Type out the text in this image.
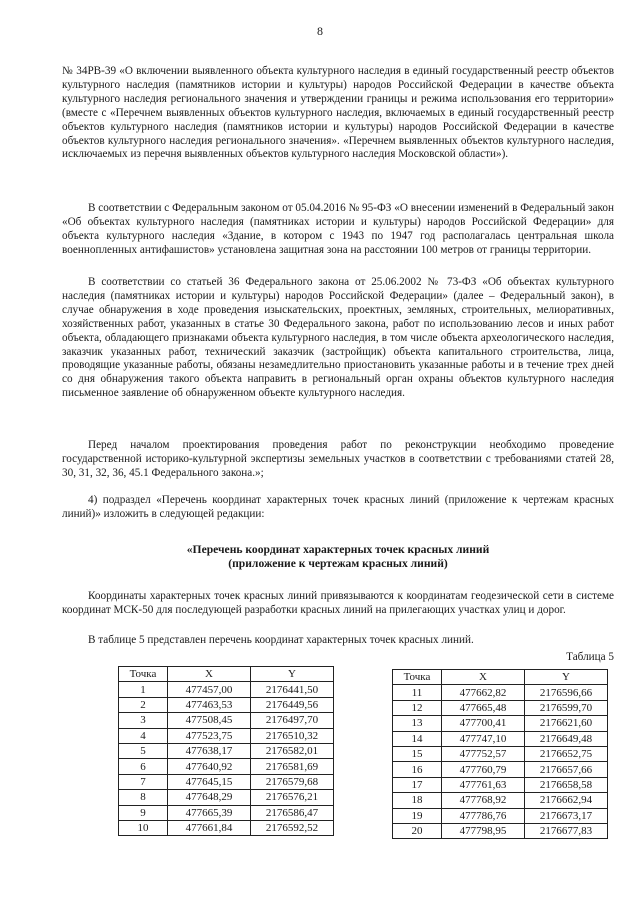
8

№ 34РВ-39 «О включении выявленного объекта культурного наследия в единый государственный реестр объектов культурного наследия (памятников истории и культуры) народов Российской Федерации в качестве объекта культурного наследия регионального значения и утверждении границы и режима использования его территории» (вместе с «Перечнем выявленных объектов культурного наследия, включаемых в единый государственный реестр объектов культурного наследия (памятников истории и культуры) народов Российской Федерации в качестве объектов культурного наследия регионального значения». «Перечнем выявленных объектов культурного наследия, исключаемых из перечня выявленных объектов культурного наследия Московской области»).

В соответствии с Федеральным законом от 05.04.2016 № 95-ФЗ «О внесении изменений в Федеральный закон «Об объектах культурного наследия (памятниках истории и культуры) народов Российской Федерации» для объекта культурного наследия «Здание, в котором с 1943 по 1947 год располагалась центральная школа военнопленных антифашистов» установлена защитная зона на расстоянии 100 метров от границы территории.

В соответствии со статьей 36 Федерального закона от 25.06.2002 № 73-ФЗ «Об объектах культурного наследия (памятниках истории и культуры) народов Российской Федерации» (далее – Федеральный закон), в случае обнаружения в ходе проведения изыскательских, проектных, земляных, строительных, мелиоративных, хозяйственных работ, указанных в статье 30 Федерального закона, работ по использованию лесов и иных работ объекта, обладающего признаками объекта культурного наследия, в том числе объекта археологического наследия, заказчик указанных работ, технический заказчик (застройщик) объекта капитального строительства, лица, проводящие указанные работы, обязаны незамедлительно приостановить указанные работы и в течение трех дней со дня обнаружения такого объекта направить в региональный орган охраны объектов культурного наследия письменное заявление об обнаруженном объекте культурного наследия.

Перед началом проектирования проведения работ по реконструкции необходимо проведение государственной историко-культурной экспертизы земельных участков в соответствии с требованиями статей 28, 30, 31, 32, 36, 45.1 Федерального закона.»;

4) подраздел «Перечень координат характерных точек красных линий (приложение к чертежам красных линий)» изложить в следующей редакции:

«Перечень координат характерных точек красных линий
(приложение к чертежам красных линий)

Координаты характерных точек красных линий привязываются к координатам геодезической сети в системе координат МСК-50 для последующей разработки красных линий на прилегающих участках улиц и дорог.

В таблице 5 представлен перечень координат характерных точек красных линий.

Таблица 5
Точка	X	Y
1	477457,00	2176441,50
2	477463,53	2176449,56
3	477508,45	2176497,70
4	477523,75	2176510,32
5	477638,17	2176582,01
6	477640,92	2176581,69
7	477645,15	2176579,68
8	477648,29	2176576,21
9	477665,39	2176586,47
10	477661,84	2176592,52
Точка	X	Y
11	477662,82	2176596,66
12	477665,48	2176599,70
13	477700,41	2176621,60
14	477747,10	2176649,48
15	477752,57	2176652,75
16	477760,79	2176657,66
17	477761,63	2176658,58
18	477768,92	2176662,94
19	477786,76	2176673,17
20	477798,95	2176677,83
